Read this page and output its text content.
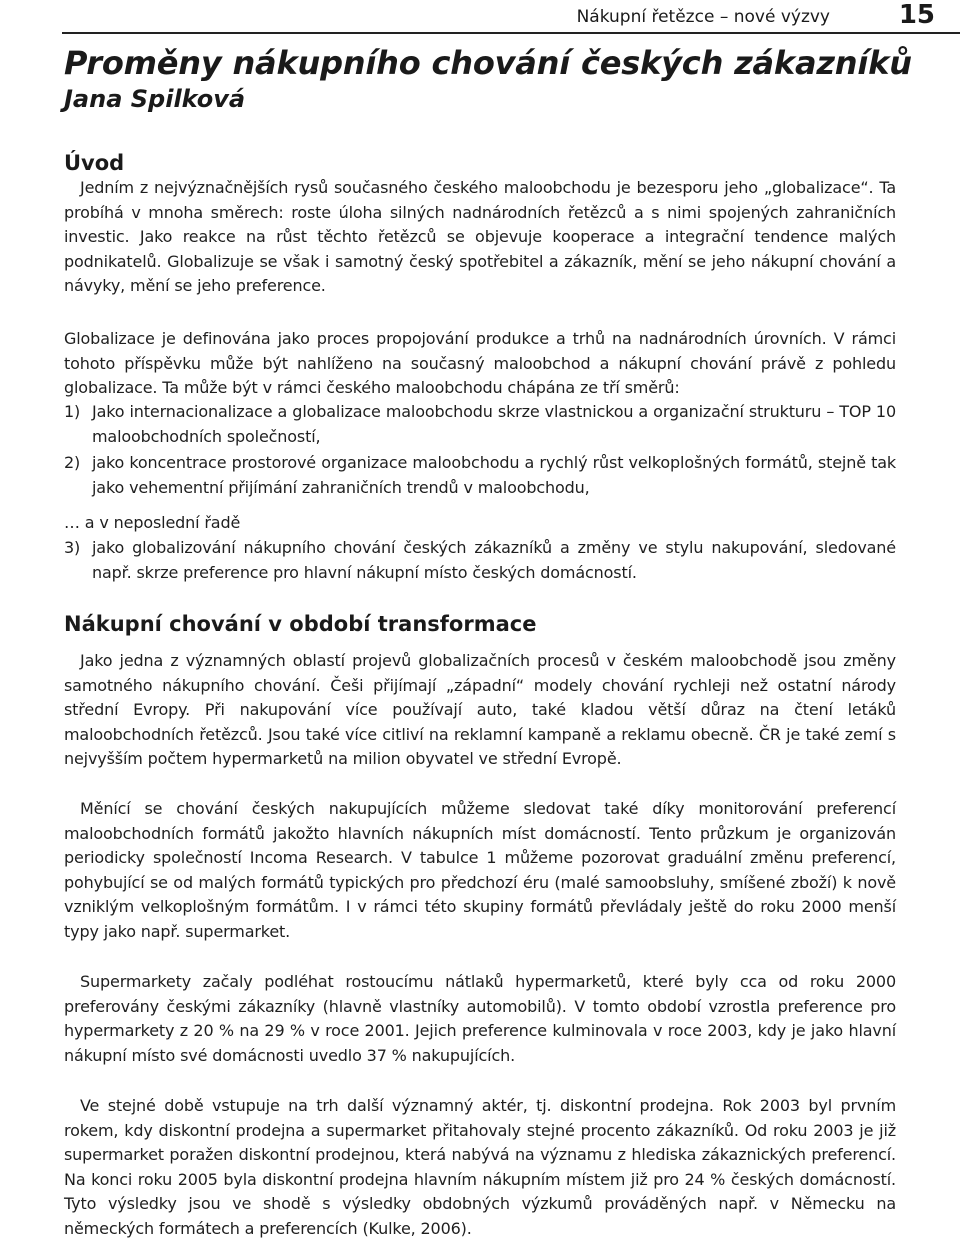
Nákupní řetězce – nové výzvy	15
Proměny nákupního chování českých zákazníků
Jana Spilková
Úvod

Jedním z nejvýznačnějších rysů současného českého maloobchodu je bezesporu jeho „globalizace“. Ta probíhá v mnoha směrech: roste úloha silných nadnárodních řetězců a s nimi spojených zahraničních investic. Jako reakce na růst těchto řetězců se objevuje kooperace a integrační tendence malých podnikatelů. Globalizuje se však i samotný český spotřebitel a zákazník, mění se jeho nákupní chování a návyky, mění se jeho preference.

Globalizace je definována jako proces propojování produkce a trhů na nadnárodních úrovních. V rámci tohoto příspěvku může být nahlíženo na současný maloobchod a nákupní chování právě z pohledu globalizace. Ta může být v rámci českého maloobchodu chápána ze tří směrů:

1) Jako internacionalizace a globalizace maloobchodu skrze vlastnickou a organizační strukturu – TOP 10 maloobchodních společností,
2) jako koncentrace prostorové organizace maloobchodu a rychlý růst velkoplošných formátů, stejně tak jako vehementní přijímání zahraničních trendů v maloobchodu,
… a v neposlední řadě
3) jako globalizování nákupního chování českých zákazníků a změny ve stylu nakupování, sledované např. skrze preference pro hlavní nákupní místo českých domácností.
Nákupní chování v období transformace

Jako jedna z významných oblastí projevů globalizačních procesů v českém maloobchodě jsou změny samotného nákupního chování. Češi přijímají „západní“ modely chování rychleji než ostatní národy střední Evropy. Při nakupování více používají auto, také kladou větší důraz na čtení letáků maloobchodních řetězců. Jsou také více citliví na reklamní kampaně a reklamu obecně. ČR je také zemí s nejvyšším počtem hypermarketů na milion obyvatel ve střední Evropě.

Měnící se chování českých nakupujících můžeme sledovat také díky monitorování preferencí maloobchodních formátů jakožto hlavních nákupních míst domácností. Tento průzkum je organizován periodicky společností Incoma Research. V tabulce 1 můžeme pozorovat graduální změnu preferencí, pohybující se od malých formátů typických pro předchozí éru (malé samoobsluhy, smíšené zboží) k nově vzniklým velkoplošným formátům. I v rámci této skupiny formátů převládaly ještě do roku 2000 menší typy jako např. supermarket.

Supermarkety začaly podléhat rostoucímu nátlaků hypermarketů, které byly cca od roku 2000 preferovány českými zákazníky (hlavně vlastníky automobilů). V tomto období vzrostla preference pro hypermarkety z 20 % na 29 % v roce 2001. Jejich preference kulminovala v roce 2003, kdy je jako hlavní nákupní místo své domácnosti uvedlo 37 % nakupujících.

Ve stejné době vstupuje na trh další významný aktér, tj. diskontní prodejna. Rok 2003 byl prvním rokem, kdy diskontní prodejna a supermarket přitahovaly stejné procento zákazníků. Od roku 2003 je již supermarket poražen diskontní prodejnou, která nabývá na významu z hlediska zákaznických preferencí. Na konci roku 2005 byla diskontní prodejna hlavním nákupním místem již pro 24 % českých domácností. Tyto výsledky jsou ve shodě s výsledky obdobných výzkumů prováděných např. v Německu na německých formátech a preferencích (Kulke, 2006).
